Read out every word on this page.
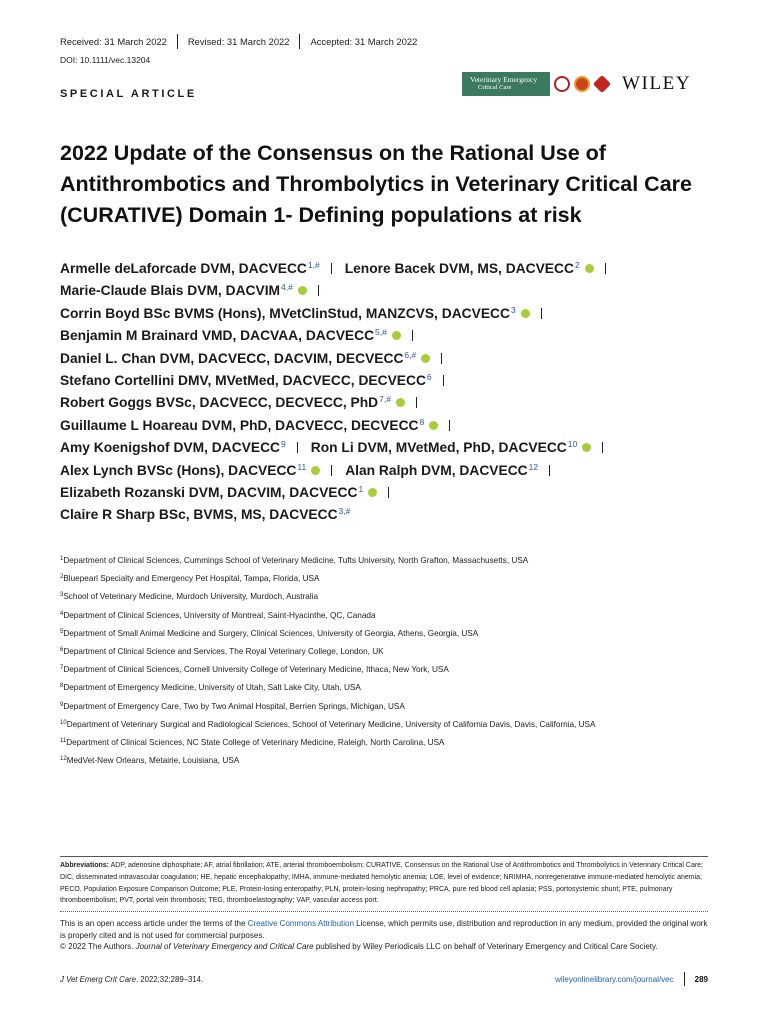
Received: 31 March 2022	Revised: 31 March 2022	Accepted: 31 March 2022
DOI: 10.1111/vec.13204
SPECIAL ARTICLE
Veterinary Emergency
Critical Care	WILEY
2022 Update of the Consensus on the Rational Use of Antithrombotics and Thrombolytics in Veterinary Critical Care (CURATIVE) Domain 1- Defining populations at risk
Armelle deLaforcade DVM, DACVECC$^{1,\#}$ Lenore Bacek DVM, MS, DACVECC$^2$
Marie-Claude Blais DVM, DACVIM$^{4,\#}$
Corrin Boyd BSc BVMS (Hons), MVetClinStud, MANZCVS, DACVECC$^3$
Benjamin M Brainard VMD, DACVAA, DACVECC$^{5,\#}$
Daniel L. Chan DVM, DACVECC, DACVIM, DECVECC$^{6,\#}$
Stefano Cortellini DMV, MVetMed, DACVECC, DECVECC$^6$
Robert Goggs BVSc, DACVECC, DECVECC, PhD$^{7,\#}$
Guillaume L Hoareau DVM, PhD, DACVECC, DECVECC$^8$
Amy Koenigshof DVM, DACVECC$^9$ Ron Li DVM, MVetMed, PhD, DACVECC$^{10}$
Alex Lynch BVSc (Hons), DACVECC$^{11}$	Alan Ralph DVM, DACVECC$^{12}$
Elizabeth Rozanski DVM, DACVIM, DACVECC$^1$
Claire R Sharp BSc, BVMS, MS, DACVECC$^{3,\#}$
$^1$Department of Clinical Sciences, Cummings School of Veterinary Medicine, Tufts University, North Grafton, Massachusetts, USA
$^2$Bluepearl Specialty and Emergency Pet Hospital, Tampa, Florida, USA
$^3$School of Veterinary Medicine, Murdoch University, Murdoch, Australia
$^4$Department of Clinical Sciences, University of Montreal, Saint-Hyacinthe, QC, Canada
$^5$Department of Small Animal Medicine and Surgery, Clinical Sciences, University of Georgia, Athens, Georgia, USA
$^6$Department of Clinical Science and Services, The Royal Veterinary College, London, UK
$^7$Department of Clinical Sciences, Cornell University College of Veterinary Medicine, Ithaca, New York, USA
$^8$Department of Emergency Medicine, University of Utah, Salt Lake City, Utah, USA
$^9$Department of Emergency Care, Two by Two Animal Hospital, Berrien Springs, Michigan, USA
$^{10}$Department of Veterinary Surgical and Radiological Sciences, School of Veterinary Medicine, University of California Davis, Davis, California, USA
$^{11}$Department of Clinical Sciences, NC State College of Veterinary Medicine, Raleigh, North Carolina, USA
$^{12}$MedVet-New Orleans, Metairie, Louisiana, USA
Abbreviations: ADP, adenosine diphosphate; AF, atrial fibrillation; ATE, arterial thromboembolism; CURATIVE, Consensus on the Rational Use of Antithrombotics and Thrombolytics in Veterinary Critical Care; DIC, disseminated intravascular coagulation; HE, hepatic encephalopathy; IMHA, immune-mediated hemolytic anemia; LOE, level of evidence; NRIMHA, nonregenerative immune-mediated hemolytic anemia; PECO, Population Exposure Comparison Outcome; PLE, Protein-losing enteropathy; PLN, protein-losing nephropathy; PRCA, pure red blood cell aplasia; PSS, portosystemic shunt; PTE, pulmonary thromboembolism; PVT, portal vein thrombosis; TEG, thromboelastography; VAP, vascular access port.
This is an open access article under the terms of the Creative Commons Attribution License, which permits use, distribution and reproduction in any medium, provided the original work is properly cited and is not used for commercial purposes.
© 2022 The Authors. Journal of Veterinary Emergency and Critical Care published by Wiley Periodicals LLC on behalf of Veterinary Emergency and Critical Care Society.
J Vet Emerg Crit Care. 2022;32:289–314.	wileyonlinelibrary.com/journal/vec	289
